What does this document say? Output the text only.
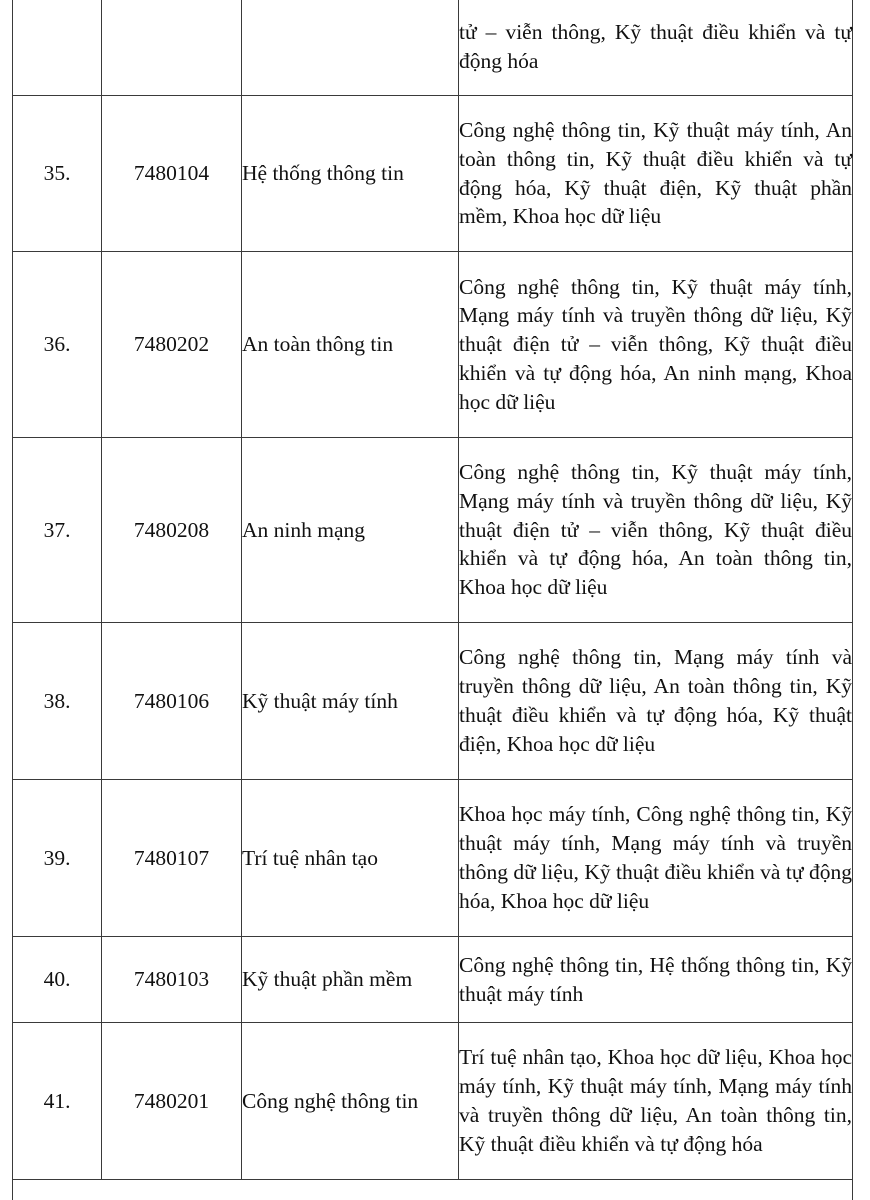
			tử – viễn thông, Kỹ thuật điều khiển và tự động hóa

35.	7480104	Hệ thống thông tin	Công nghệ thông tin, Kỹ thuật máy tính, An toàn thông tin, Kỹ thuật điều khiển và tự động hóa, Kỹ thuật điện, Kỹ thuật phần mềm, Khoa học dữ liệu

36.	7480202	An toàn thông tin	Công nghệ thông tin, Kỹ thuật máy tính, Mạng máy tính và truyền thông dữ liệu, Kỹ thuật điện tử – viễn thông, Kỹ thuật điều khiển và tự động hóa, An ninh mạng, Khoa học dữ liệu

37.	7480208	An ninh mạng	Công nghệ thông tin, Kỹ thuật máy tính, Mạng máy tính và truyền thông dữ liệu, Kỹ thuật điện tử – viễn thông, Kỹ thuật điều khiển và tự động hóa, An toàn thông tin, Khoa học dữ liệu

38.	7480106	Kỹ thuật máy tính	Công nghệ thông tin, Mạng máy tính và truyền thông dữ liệu, An toàn thông tin, Kỹ thuật điều khiển và tự động hóa, Kỹ thuật điện, Khoa học dữ liệu

39.	7480107	Trí tuệ nhân tạo	Khoa học máy tính, Công nghệ thông tin, Kỹ thuật máy tính, Mạng máy tính và truyền thông dữ liệu, Kỹ thuật điều khiển và tự động hóa, Khoa học dữ liệu

40.	7480103	Kỹ thuật phần mềm	Công nghệ thông tin, Hệ thống thông tin, Kỹ thuật máy tính

41.	7480201	Công nghệ thông tin	Trí tuệ nhân tạo, Khoa học dữ liệu, Khoa học máy tính, Kỹ thuật máy tính, Mạng máy tính và truyền thông dữ liệu, An toàn thông tin, Kỹ thuật điều khiển và tự động hóa
